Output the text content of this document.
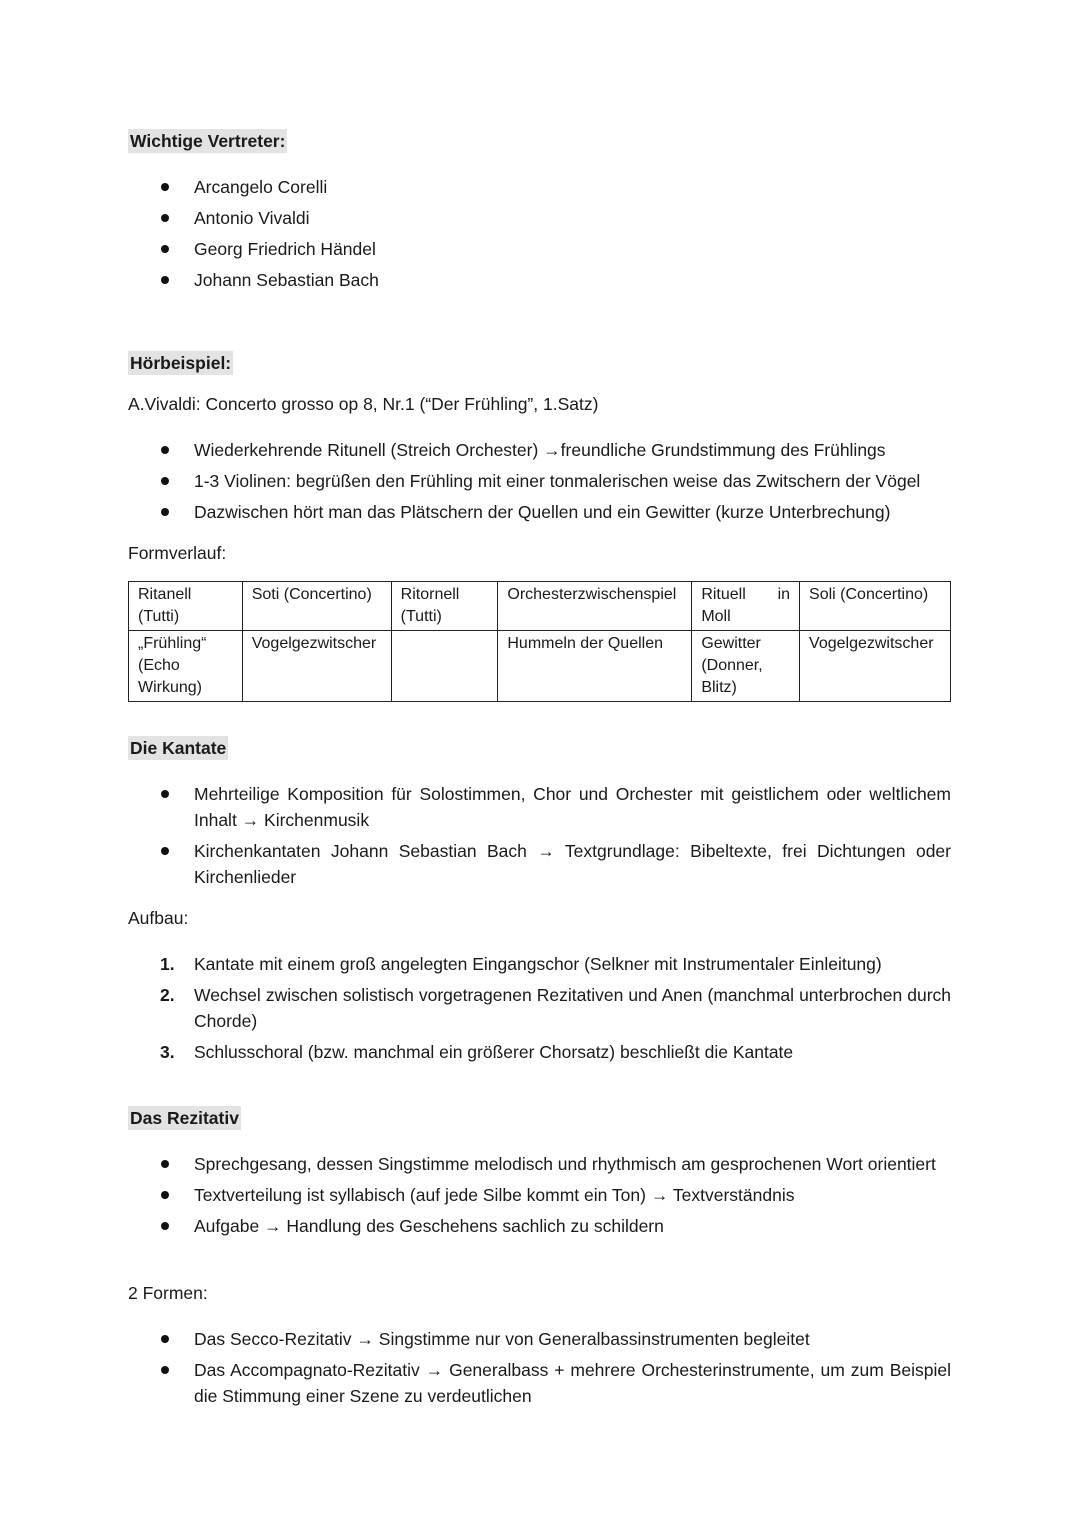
Wichtige Vertreter:
Arcangelo Corelli
Antonio Vivaldi
Georg Friedrich Händel
Johann Sebastian Bach
Hörbeispiel:
A.Vivaldi: Concerto grosso op 8, Nr.1 (“Der Frühling”, 1.Satz)
Wiederkehrende Ritunell (Streich Orchester) →freundliche Grundstimmung des Frühlings
1-3 Violinen: begrüßen den Frühling mit einer tonmalerischen weise das Zwitschern der Vögel
Dazwischen hört man das Plätschern der Quellen und ein Gewitter (kurze Unterbrechung)
Formverlauf:
Ritanell (Tutti)	Soti (Concertino)	Ritornell (Tutti)	Orchesterzwischenspiel	Rituell in Moll	Soli (Concertino)
„Frühling“ (Echo Wirkung)	Vogelgezwitscher		Hummeln der Quellen	Gewitter (Donner, Blitz)	Vogelgezwitscher
Die Kantate
Mehrteilige Komposition für Solostimmen, Chor und Orchester mit geistlichem oder weltlichem Inhalt → Kirchenmusik
Kirchenkantaten Johann Sebastian Bach → Textgrundlage: Bibeltexte, frei Dichtungen oder Kirchenlieder
Aufbau:
1. Kantate mit einem groß angelegten Eingangschor (Selkner mit Instrumentaler Einleitung)
2. Wechsel zwischen solistisch vorgetragenen Rezitativen und Anen (manchmal unterbrochen durch Chorde)
3. Schlusschoral (bzw. manchmal ein größerer Chorsatz) beschließt die Kantate
Das Rezitativ
Sprechgesang, dessen Singstimme melodisch und rhythmisch am gesprochenen Wort orientiert
Textverteilung ist syllabisch (auf jede Silbe kommt ein Ton) → Textverständnis
Aufgabe → Handlung des Geschehens sachlich zu schildern
2 Formen:
Das Secco-Rezitativ → Singstimme nur von Generalbassinstrumenten begleitet
Das Accompagnato-Rezitativ → Generalbass + mehrere Orchesterinstrumente, um zum Beispiel die Stimmung einer Szene zu verdeutlichen
